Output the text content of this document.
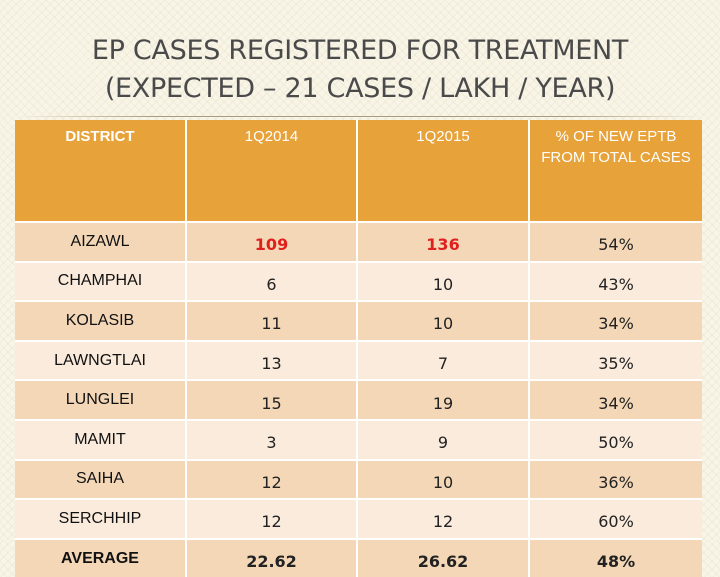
EP CASES REGISTERED FOR TREATMENT
(EXPECTED – 21 CASES / LAKH / YEAR)
DISTRICT	1Q2014	1Q2015	% OF NEW EPTB FROM TOTAL CASES
AIZAWL	109	136	54%
CHAMPHAI	6	10	43%
KOLASIB	11	10	34%
LAWNGTLAI	13	7	35%
LUNGLEI	15	19	34%
MAMIT	3	9	50%
SAIHA	12	10	36%
SERCHHIP	12	12	60%
AVERAGE	22.62	26.62	48%
